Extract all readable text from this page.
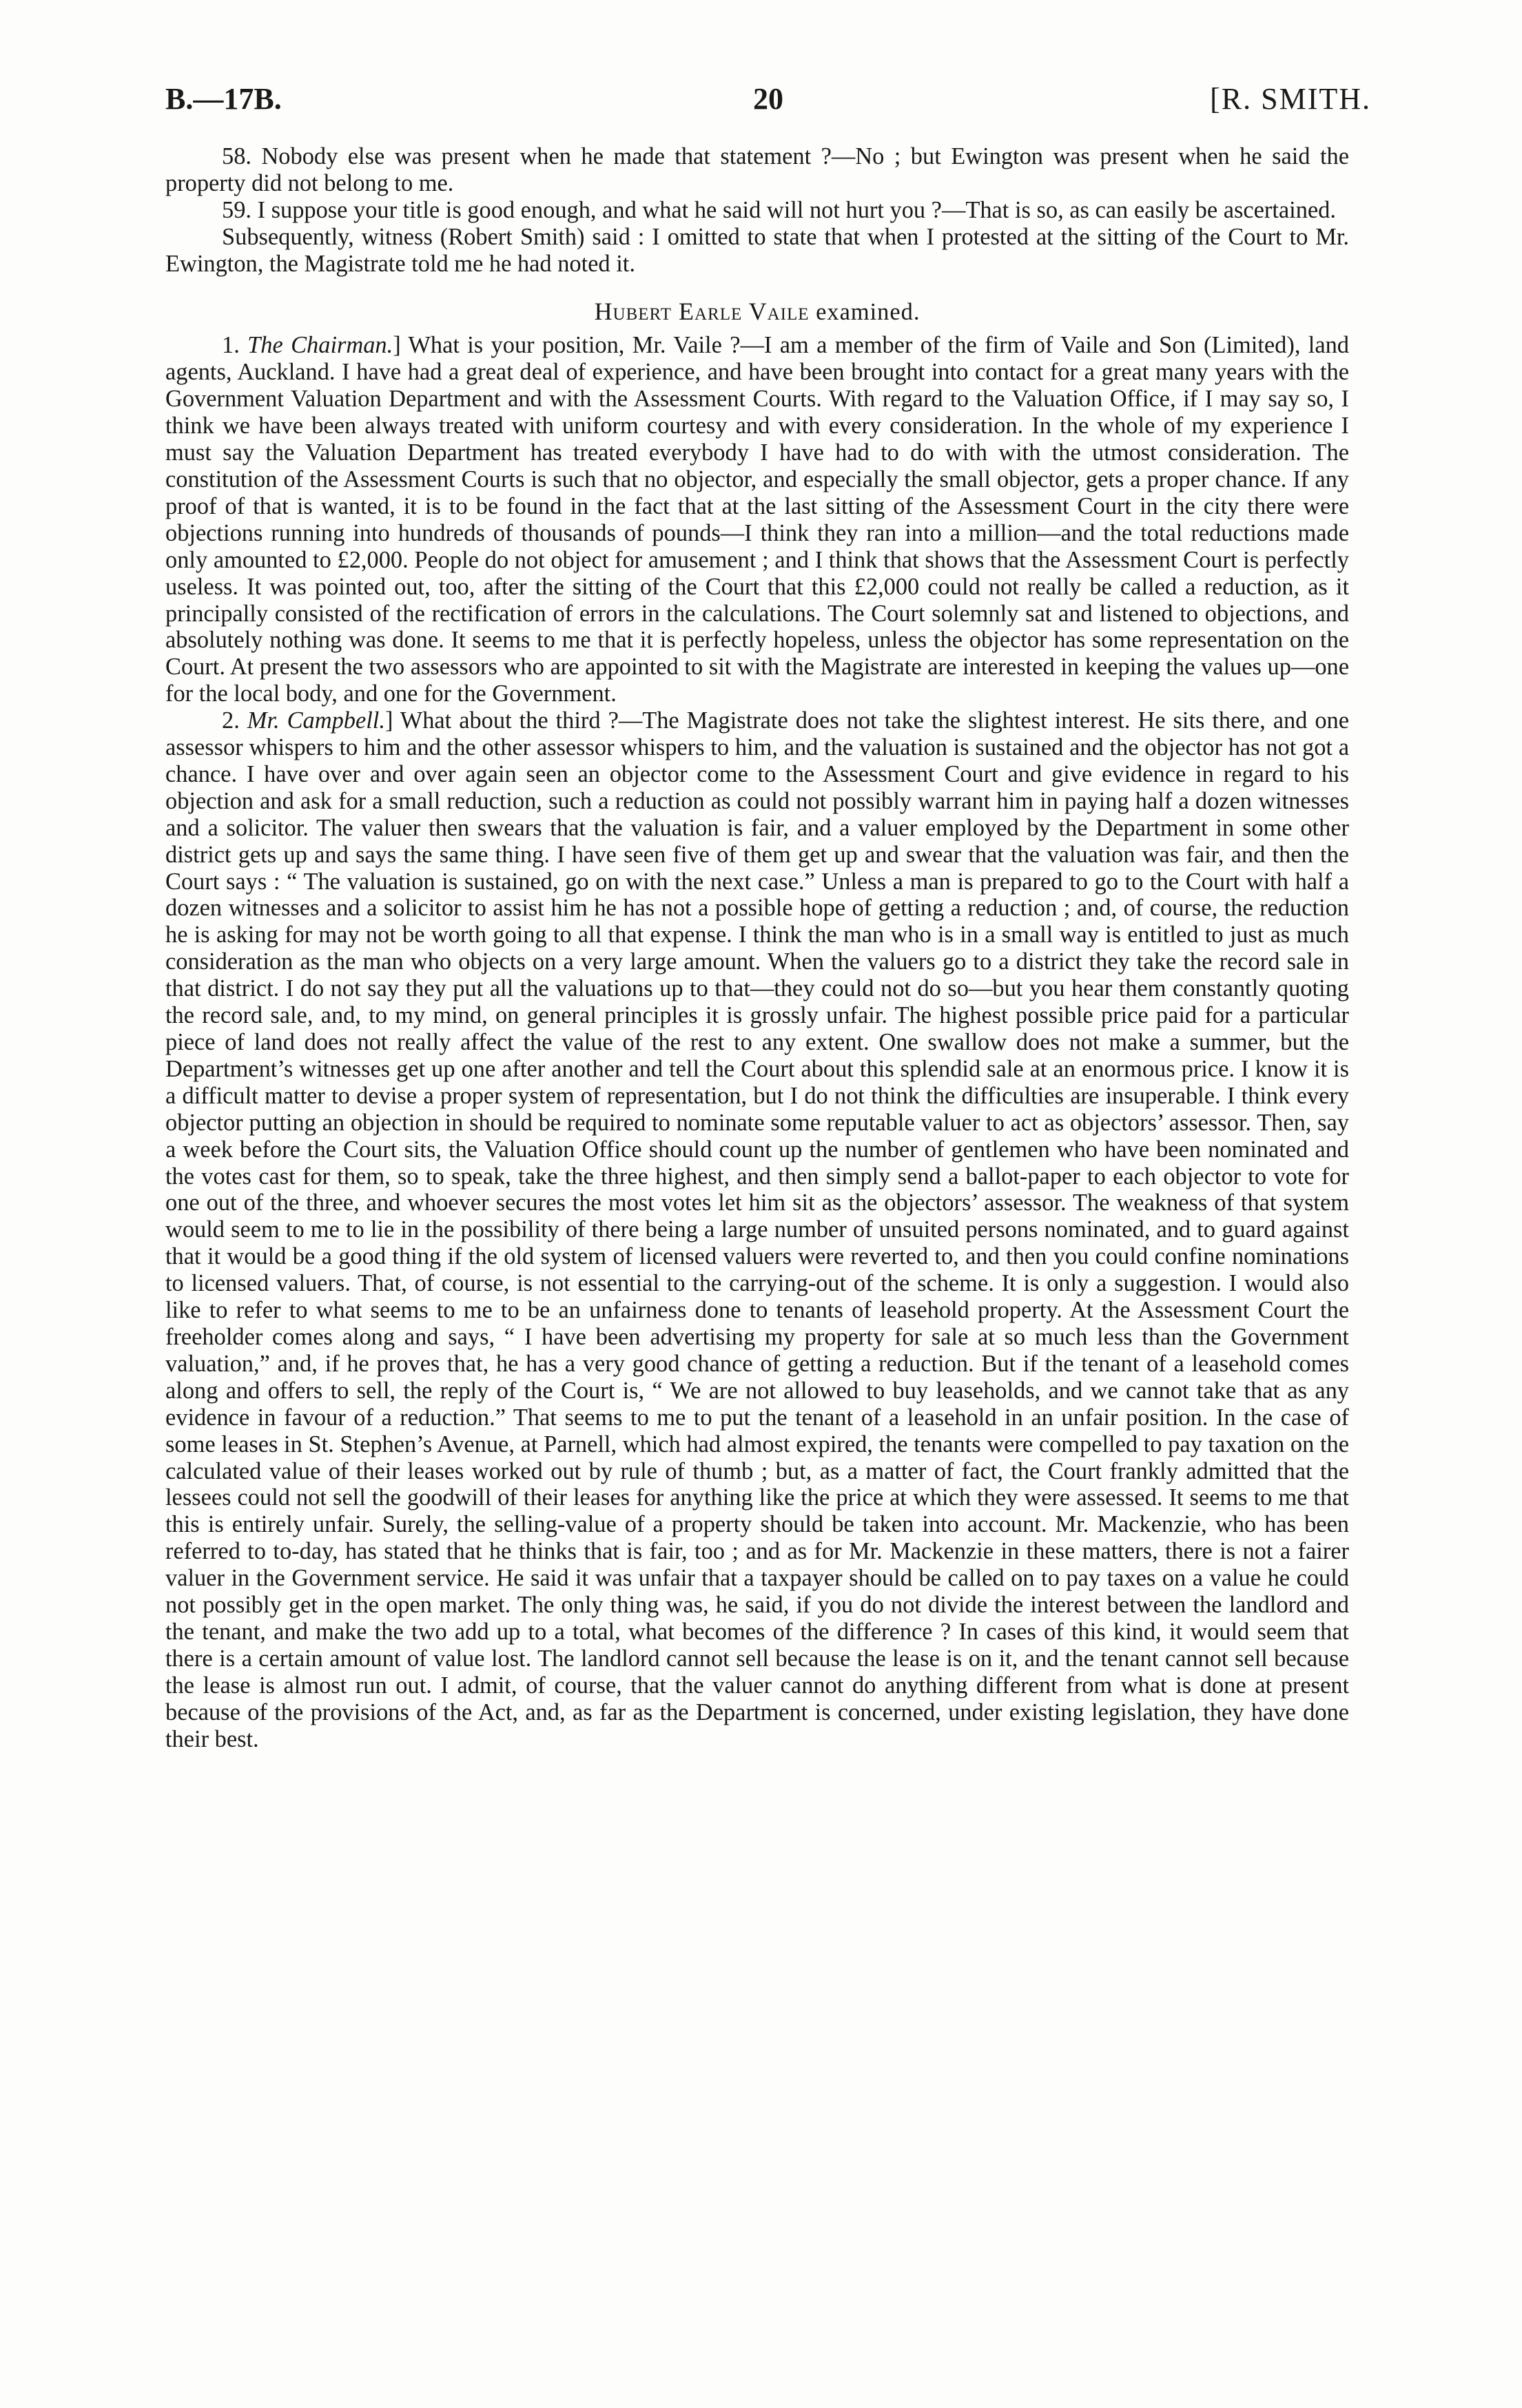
B.—17B.	20	[R. SMITH.

58. Nobody else was present when he made that statement ?—No ; but Ewington was present when he said the property did not belong to me.

59. I suppose your title is good enough, and what he said will not hurt you ?—That is so, as can easily be ascertained.

Subsequently, witness (Robert Smith) said : I omitted to state that when I protested at the sitting of the Court to Mr. Ewington, the Magistrate told me he had noted it.

Hubert Earle Vaile examined.

1. The Chairman.] What is your position, Mr. Vaile ?—I am a member of the firm of Vaile and Son (Limited), land agents, Auckland. I have had a great deal of experience, and have been brought into contact for a great many years with the Government Valuation Department and with the Assessment Courts. With regard to the Valuation Office, if I may say so, I think we have been always treated with uniform courtesy and with every consideration. In the whole of my experience I must say the Valuation Department has treated everybody I have had to do with with the utmost consideration. The constitution of the Assessment Courts is such that no objector, and especially the small objector, gets a proper chance. If any proof of that is wanted, it is to be found in the fact that at the last sitting of the Assessment Court in the city there were objections running into hundreds of thousands of pounds—I think they ran into a million—and the total reductions made only amounted to £2,000. People do not object for amusement ; and I think that shows that the Assessment Court is perfectly useless. It was pointed out, too, after the sitting of the Court that this £2,000 could not really be called a reduction, as it principally consisted of the rectification of errors in the calculations. The Court solemnly sat and listened to objections, and absolutely nothing was done. It seems to me that it is perfectly hopeless, unless the objector has some representation on the Court. At present the two assessors who are appointed to sit with the Magistrate are interested in keeping the values up—one for the local body, and one for the Government.

2. Mr. Campbell.] What about the third ?—The Magistrate does not take the slightest interest. He sits there, and one assessor whispers to him and the other assessor whispers to him, and the valuation is sustained and the objector has not got a chance. I have over and over again seen an objector come to the Assessment Court and give evidence in regard to his objection and ask for a small reduction, such a reduction as could not possibly warrant him in paying half a dozen witnesses and a solicitor. The valuer then swears that the valuation is fair, and a valuer employed by the Department in some other district gets up and says the same thing. I have seen five of them get up and swear that the valuation was fair, and then the Court says : “ The valuation is sustained, go on with the next case.” Unless a man is prepared to go to the Court with half a dozen witnesses and a solicitor to assist him he has not a possible hope of getting a reduction ; and, of course, the reduction he is asking for may not be worth going to all that expense. I think the man who is in a small way is entitled to just as much consideration as the man who objects on a very large amount. When the valuers go to a district they take the record sale in that district. I do not say they put all the valuations up to that—they could not do so—but you hear them constantly quoting the record sale, and, to my mind, on general principles it is grossly unfair. The highest possible price paid for a particular piece of land does not really affect the value of the rest to any extent. One swallow does not make a summer, but the Department’s witnesses get up one after another and tell the Court about this splendid sale at an enormous price. I know it is a difficult matter to devise a proper system of representation, but I do not think the difficulties are insuperable. I think every objector putting an objection in should be required to nominate some reputable valuer to act as objectors’ assessor. Then, say a week before the Court sits, the Valuation Office should count up the number of gentlemen who have been nominated and the votes cast for them, so to speak, take the three highest, and then simply send a ballot-paper to each objector to vote for one out of the three, and whoever secures the most votes let him sit as the objectors’ assessor. The weakness of that system would seem to me to lie in the possibility of there being a large number of unsuited persons nominated, and to guard against that it would be a good thing if the old system of licensed valuers were reverted to, and then you could confine nominations to licensed valuers. That, of course, is not essential to the carrying-out of the scheme. It is only a suggestion. I would also like to refer to what seems to me to be an unfairness done to tenants of leasehold property. At the Assessment Court the freeholder comes along and says, “ I have been advertising my property for sale at so much less than the Government valuation,” and, if he proves that, he has a very good chance of getting a reduction. But if the tenant of a leasehold comes along and offers to sell, the reply of the Court is, “ We are not allowed to buy leaseholds, and we cannot take that as any evidence in favour of a reduction.” That seems to me to put the tenant of a leasehold in an unfair position. In the case of some leases in St. Stephen’s Avenue, at Parnell, which had almost expired, the tenants were compelled to pay taxation on the calculated value of their leases worked out by rule of thumb ; but, as a matter of fact, the Court frankly admitted that the lessees could not sell the goodwill of their leases for anything like the price at which they were assessed. It seems to me that this is entirely unfair. Surely, the selling-value of a property should be taken into account. Mr. Mackenzie, who has been referred to to-day, has stated that he thinks that is fair, too ; and as for Mr. Mackenzie in these matters, there is not a fairer valuer in the Government service. He said it was unfair that a taxpayer should be called on to pay taxes on a value he could not possibly get in the open market. The only thing was, he said, if you do not divide the interest between the landlord and the tenant, and make the two add up to a total, what becomes of the difference ? In cases of this kind, it would seem that there is a certain amount of value lost. The landlord cannot sell because the lease is on it, and the tenant cannot sell because the lease is almost run out. I admit, of course, that the valuer cannot do anything different from what is done at present because of the provisions of the Act, and, as far as the Department is concerned, under existing legislation, they have done their best.
